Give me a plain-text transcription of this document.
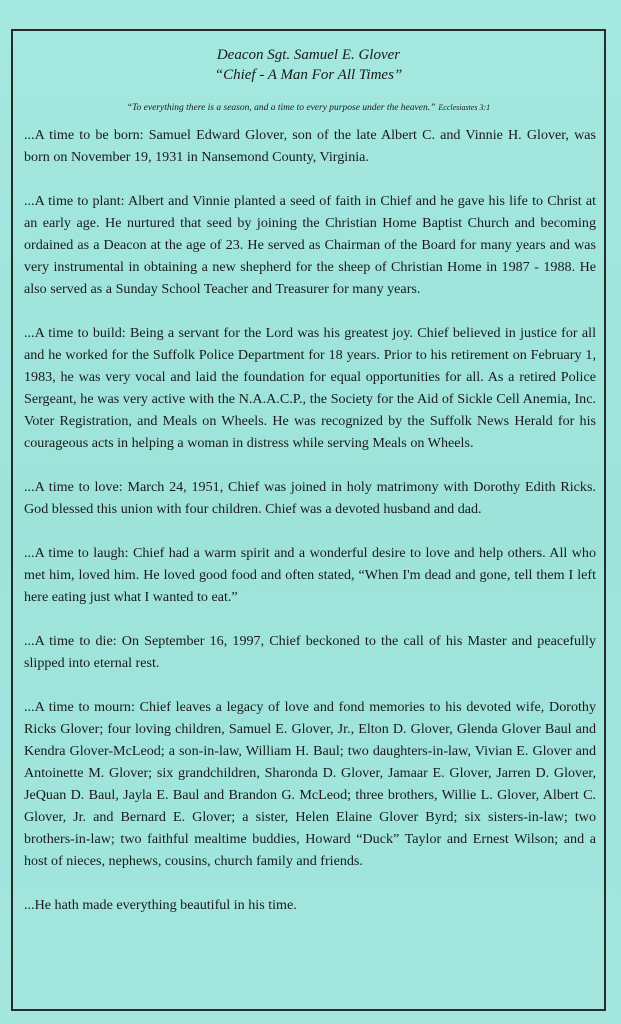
Deacon Sgt. Samuel E. Glover
“Chief - A Man For All Times”
“To everything there is a season, and a time to every purpose under the heaven.” Ecclesiastes 3:1

...A time to be born: Samuel Edward Glover, son of the late Albert C. and Vinnie H. Glover, was born on November 19, 1931 in Nansemond County, Virginia.

...A time to plant: Albert and Vinnie planted a seed of faith in Chief and he gave his life to Christ at an early age. He nurtured that seed by joining the Christian Home Baptist Church and becoming ordained as a Deacon at the age of 23. He served as Chairman of the Board for many years and was very instrumental in obtaining a new shepherd for the sheep of Christian Home in 1987 - 1988. He also served as a Sunday School Teacher and Treasurer for many years.

...A time to build: Being a servant for the Lord was his greatest joy. Chief believed in justice for all and he worked for the Suffolk Police Department for 18 years. Prior to his retirement on February 1, 1983, he was very vocal and laid the foundation for equal opportunities for all. As a retired Police Sergeant, he was very active with the N.A.A.C.P., the Society for the Aid of Sickle Cell Anemia, Inc. Voter Registration, and Meals on Wheels. He was recognized by the Suffolk News Herald for his courageous acts in helping a woman in distress while serving Meals on Wheels.

...A time to love: March 24, 1951, Chief was joined in holy matrimony with Dorothy Edith Ricks. God blessed this union with four children. Chief was a devoted husband and dad.

...A time to laugh: Chief had a warm spirit and a wonderful desire to love and help others. All who met him, loved him. He loved good food and often stated, “When I'm dead and gone, tell them I left here eating just what I wanted to eat.”

...A time to die: On September 16, 1997, Chief beckoned to the call of his Master and peacefully slipped into eternal rest.

...A time to mourn: Chief leaves a legacy of love and fond memories to his devoted wife, Dorothy Ricks Glover; four loving children, Samuel E. Glover, Jr., Elton D. Glover, Glenda Glover Baul and Kendra Glover-McLeod; a son-in-law, William H. Baul; two daughters-in-law, Vivian E. Glover and Antoinette M. Glover; six grandchildren, Sharonda D. Glover, Jamaar E. Glover, Jarren D. Glover, JeQuan D. Baul, Jayla E. Baul and Brandon G. McLeod; three brothers, Willie L. Glover, Albert C. Glover, Jr. and Bernard E. Glover; a sister, Helen Elaine Glover Byrd; six sisters-in-law; two brothers-in-law; two faithful mealtime buddies, Howard “Duck” Taylor and Ernest Wilson; and a host of nieces, nephews, cousins, church family and friends.

...He hath made everything beautiful in his time.
